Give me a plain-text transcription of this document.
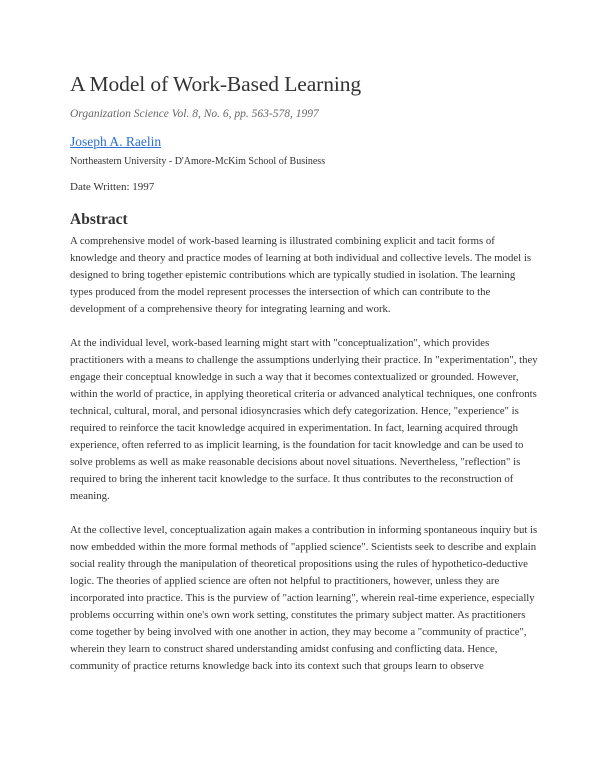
A Model of Work-Based Learning
Organization Science Vol. 8, No. 6, pp. 563-578, 1997
Joseph A. Raelin
Northeastern University - D'Amore-McKim School of Business
Date Written: 1997
Abstract

A comprehensive model of work-based learning is illustrated combining explicit and tacit forms of knowledge and theory and practice modes of learning at both individual and collective levels. The model is designed to bring together epistemic contributions which are typically studied in isolation. The learning types produced from the model represent processes the intersection of which can contribute to the development of a comprehensive theory for integrating learning and work.

At the individual level, work-based learning might start with "conceptualization", which provides practitioners with a means to challenge the assumptions underlying their practice. In "experimentation", they engage their conceptual knowledge in such a way that it becomes contextualized or grounded. However, within the world of practice, in applying theoretical criteria or advanced analytical techniques, one confronts technical, cultural, moral, and personal idiosyncrasies which defy categorization. Hence, "experience" is required to reinforce the tacit knowledge acquired in experimentation. In fact, learning acquired through experience, often referred to as implicit learning, is the foundation for tacit knowledge and can be used to solve problems as well as make reasonable decisions about novel situations. Nevertheless, "reflection" is required to bring the inherent tacit knowledge to the surface. It thus contributes to the reconstruction of meaning.

At the collective level, conceptualization again makes a contribution in informing spontaneous inquiry but is now embedded within the more formal methods of "applied science". Scientists seek to describe and explain social reality through the manipulation of theoretical propositions using the rules of hypothetico-deductive logic. The theories of applied science are often not helpful to practitioners, however, unless they are incorporated into practice. This is the purview of "action learning", wherein real-time experience, especially problems occurring within one's own work setting, constitutes the primary subject matter. As practitioners come together by being involved with one another in action, they may become a "community of practice", wherein they learn to construct shared understanding amidst confusing and conflicting data. Hence, community of practice returns knowledge back into its context such that groups learn to observe
